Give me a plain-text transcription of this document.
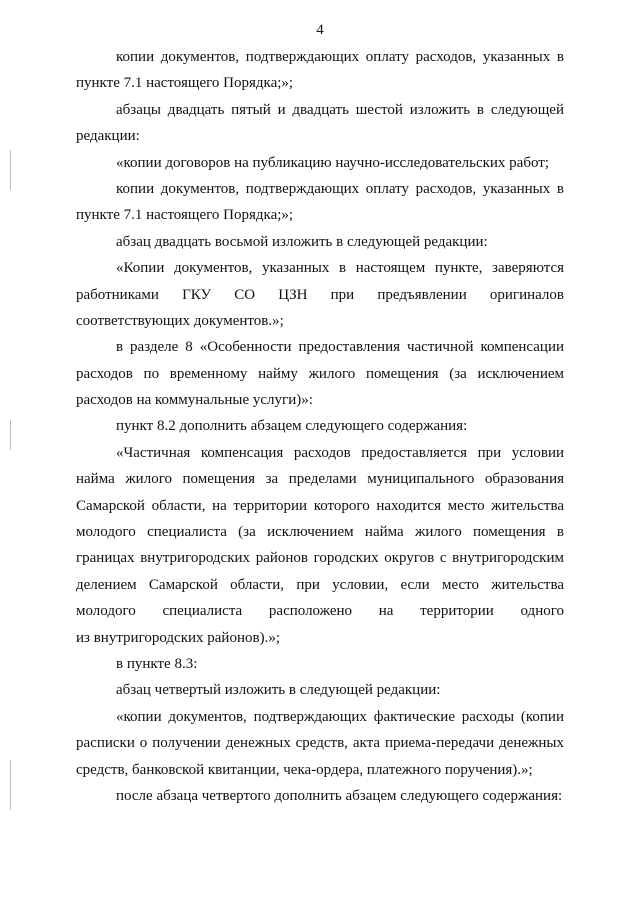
4
копии документов, подтверждающих оплату расходов, указанных в
пункте 7.1 настоящего Порядка;»;
абзацы двадцать пятый и двадцать шестой изложить в следующей
редакции:
«копии договоров на публикацию научно-исследовательских работ;
копии документов, подтверждающих оплату расходов, указанных в
пункте 7.1 настоящего Порядка;»;
абзац двадцать восьмой изложить в следующей редакции:
«Копии документов, указанных в настоящем пункте, заверяются
работниками ГКУ СО ЦЗН при предъявлении оригиналов
соответствующих документов.»;
в разделе 8 «Особенности предоставления частичной компенсации
расходов по временному найму жилого помещения (за исключением
расходов на коммунальные услуги)»:
пункт 8.2 дополнить абзацем следующего содержания:
«Частичная компенсация расходов предоставляется при условии
найма жилого помещения за пределами муниципального образования
Самарской области, на территории которого находится место жительства
молодого специалиста (за исключением найма жилого помещения в
границах внутригородских районов городских округов с внутригородским
делением Самарской области, при условии, если место жительства
молодого специалиста расположено на территории одного
из внутригородских районов).»;
в пункте 8.3:
абзац четвертый изложить в следующей редакции:
«копии документов, подтверждающих фактические расходы (копии
расписки о получении денежных средств, акта приема-передачи денежных
средств, банковской квитанции, чека-ордера, платежного поручения).»;
после абзаца четвертого дополнить абзацем следующего содержания:
